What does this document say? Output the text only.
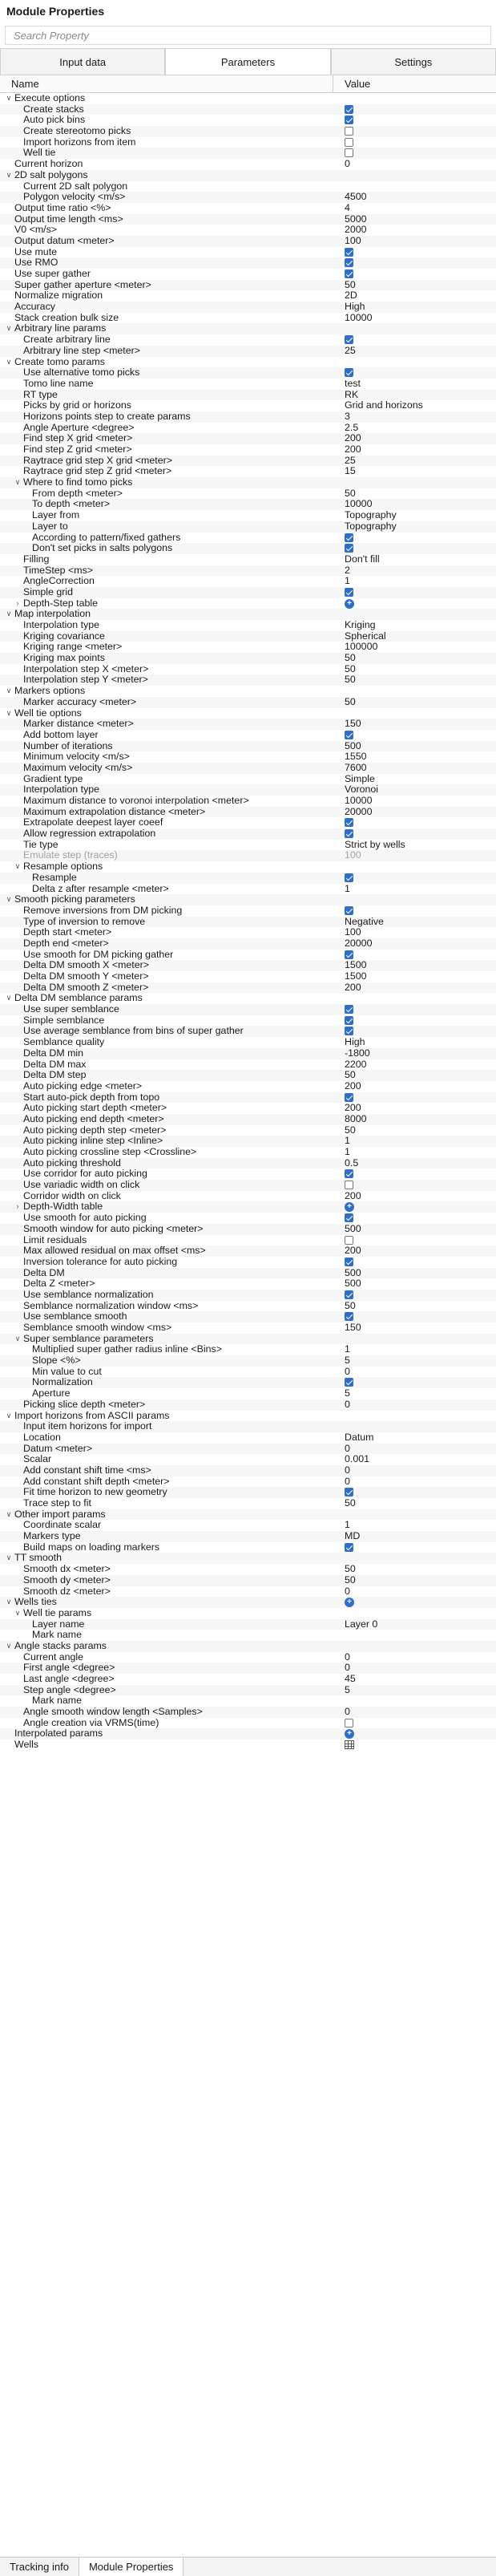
Module Properties
Search Property
Input data	Parameters	Settings
Name	Value
∨ Execute options
Create stacks
Auto pick bins
Create stereotomo picks
Import horizons from item
Well tie
Current horizon	0
∨ 2D salt polygons
Current 2D salt polygon
Polygon velocity <m/s>	4500
Output time ratio <%>	4
Output time length <ms>	5000
V0 <m/s>	2000
Output datum <meter>	100
Use mute
Use RMO
Use super gather
Super gather aperture <meter>	50
Normalize migration	2D
Accuracy	High
Stack creation bulk size	10000
∨ Arbitrary line params
Create arbitrary line
Arbitrary line step <meter>	25
∨ Create tomo params
Use alternative tomo picks
Tomo line name	test
RT type	RK
Picks by grid or horizons	Grid and horizons
Horizons points step to create params	3
Angle Aperture <degree>	2.5
Find step X grid <meter>	200
Find step Z grid <meter>	200
Raytrace grid step X grid <meter>	25
Raytrace grid step Z grid <meter>	15
∨ Where to find tomo picks
From depth <meter>	50
To depth <meter>	10000
Layer from	Topography
Layer to	Topography
According to pattern/fixed gathers
Don't set picks in salts polygons
Filling	Don't fill
TimeStep <ms>	2
AngleCorrection	1
Simple grid
› Depth-Step table	+
∨ Map interpolation
Interpolation type	Kriging
Kriging covariance	Spherical
Kriging range <meter>	100000
Kriging max points	50
Interpolation step X <meter>	50
Interpolation step Y <meter>	50
∨ Markers options
Marker accuracy <meter>	50
∨ Well tie options
Marker distance <meter>	150
Add bottom layer
Number of iterations	500
Minimum velocity <m/s>	1550
Maximum velocity <m/s>	7600
Gradient type	Simple
Interpolation type	Voronoi
Maximum distance to voronoi interpolation <meter>	10000
Maximum extrapolation distance <meter>	20000
Extrapolate deepest layer coeef
Allow regression extrapolation
Tie type	Strict by wells
Emulate step (traces)	100
∨ Resample options
Resample
Delta z after resample <meter>	1
∨ Smooth picking parameters
Remove inversions from DM picking
Type of inversion to remove	Negative
Depth start <meter>	100
Depth end <meter>	20000
Use smooth for DM picking gather
Delta DM smooth X <meter>	1500
Delta DM smooth Y <meter>	1500
Delta DM smooth Z <meter>	200
∨ Delta DM semblance params
Use super semblance
Simple semblance
Use average semblance from bins of super gather
Semblance quality	High
Delta DM min	-1800
Delta DM max	2200
Delta DM step	50
Auto picking edge <meter>	200
Start auto-pick depth from topo
Auto picking start depth <meter>	200
Auto picking end depth <meter>	8000
Auto picking depth step <meter>	50
Auto picking inline step <Inline>	1
Auto picking crossline step <Crossline>	1
Auto picking threshold	0.5
Use corridor for auto picking
Use variadic width on click
Corridor width on click	200
› Depth-Width table	+
Use smooth for auto picking
Smooth window for auto picking <meter>	500
Limit residuals
Max allowed residual on max offset <ms>	200
Inversion tolerance for auto picking
Delta DM	500
Delta Z <meter>	500
Use semblance normalization
Semblance normalization window <ms>	50
Use semblance smooth
Semblance smooth window <ms>	150
∨ Super semblance parameters
Multiplied super gather radius inline <Bins>	1
Slope <%>	5
Min value to cut	0
Normalization
Aperture	5
Picking slice depth <meter>	0
∨ Import horizons from ASCII params
Input item horizons for import
Location	Datum
Datum <meter>	0
Scalar	0.001
Add constant shift time <ms>	0
Add constant shift depth <meter>	0
Fit time horizon to new geometry
Trace step to fit	50
∨ Other import params
Coordinate scalar	1
Markers type	MD
Build maps on loading markers
∨ TT smooth
Smooth dx <meter>	50
Smooth dy <meter>	50
Smooth dz <meter>	0
∨ Wells ties	+
∨ Well tie params
Layer name	Layer 0
Mark name
∨ Angle stacks params
Current angle	0
First angle <degree>	0
Last angle <degree>	45
Step angle <degree>	5
Mark name
Angle smooth window length <Samples>	0
Angle creation via VRMS(time)
Interpolated params	+
Wells
Tracking info	Module Properties
